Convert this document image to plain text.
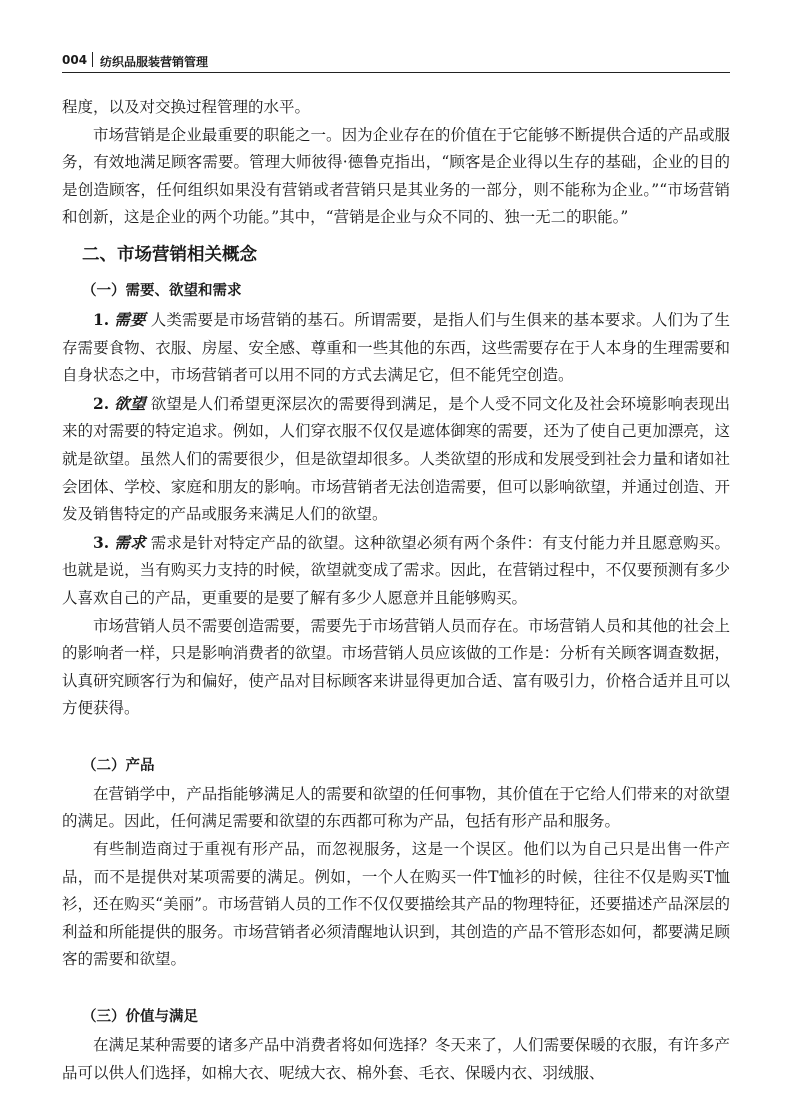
004 纺织品服装营销管理

程度，以及对交换过程管理的水平。

市场营销是企业最重要的职能之一。因为企业存在的价值在于它能够不断提供合适的产品或服务，有效地满足顾客需要。管理大师彼得·德鲁克指出，“顾客是企业得以生存的基础，企业的目的是创造顾客，任何组织如果没有营销或者营销只是其业务的一部分，则不能称为企业。”“市场营销和创新，这是企业的两个功能。”其中，“营销是企业与众不同的、独一无二的职能。”

二、市场营销相关概念
（一）需要、欲望和需求

1. 需要 人类需要是市场营销的基石。所谓需要，是指人们与生俱来的基本要求。人们为了生存需要食物、衣服、房屋、安全感、尊重和一些其他的东西，这些需要存在于人本身的生理需要和自身状态之中，市场营销者可以用不同的方式去满足它，但不能凭空创造。

2. 欲望 欲望是人们希望更深层次的需要得到满足，是个人受不同文化及社会环境影响表现出来的对需要的特定追求。例如，人们穿衣服不仅仅是遮体御寒的需要，还为了使自己更加漂亮，这就是欲望。虽然人们的需要很少，但是欲望却很多。人类欲望的形成和发展受到社会力量和诸如社会团体、学校、家庭和朋友的影响。市场营销者无法创造需要，但可以影响欲望，并通过创造、开发及销售特定的产品或服务来满足人们的欲望。

3. 需求 需求是针对特定产品的欲望。这种欲望必须有两个条件：有支付能力并且愿意购买。也就是说，当有购买力支持的时候，欲望就变成了需求。因此，在营销过程中，不仅要预测有多少人喜欢自己的产品，更重要的是要了解有多少人愿意并且能够购买。

市场营销人员不需要创造需要，需要先于市场营销人员而存在。市场营销人员和其他的社会上的影响者一样，只是影响消费者的欲望。市场营销人员应该做的工作是：分析有关顾客调查数据，认真研究顾客行为和偏好，使产品对目标顾客来讲显得更加合适、富有吸引力，价格合适并且可以方便获得。

（二）产品

在营销学中，产品指能够满足人的需要和欲望的任何事物，其价值在于它给人们带来的对欲望的满足。因此，任何满足需要和欲望的东西都可称为产品，包括有形产品和服务。

有些制造商过于重视有形产品，而忽视服务，这是一个误区。他们以为自己只是出售一件产品，而不是提供对某项需要的满足。例如，一个人在购买一件T恤衫的时候，往往不仅是购买T恤衫，还在购买“美丽”。市场营销人员的工作不仅仅要描绘其产品的物理特征，还要描述产品深层的利益和所能提供的服务。市场营销者必须清醒地认识到，其创造的产品不管形态如何，都要满足顾客的需要和欲望。

（三）价值与满足

在满足某种需要的诸多产品中消费者将如何选择？冬天来了，人们需要保暖的衣服，有许多产品可以供人们选择，如棉大衣、呢绒大衣、棉外套、毛衣、保暖内衣、羽绒服、
